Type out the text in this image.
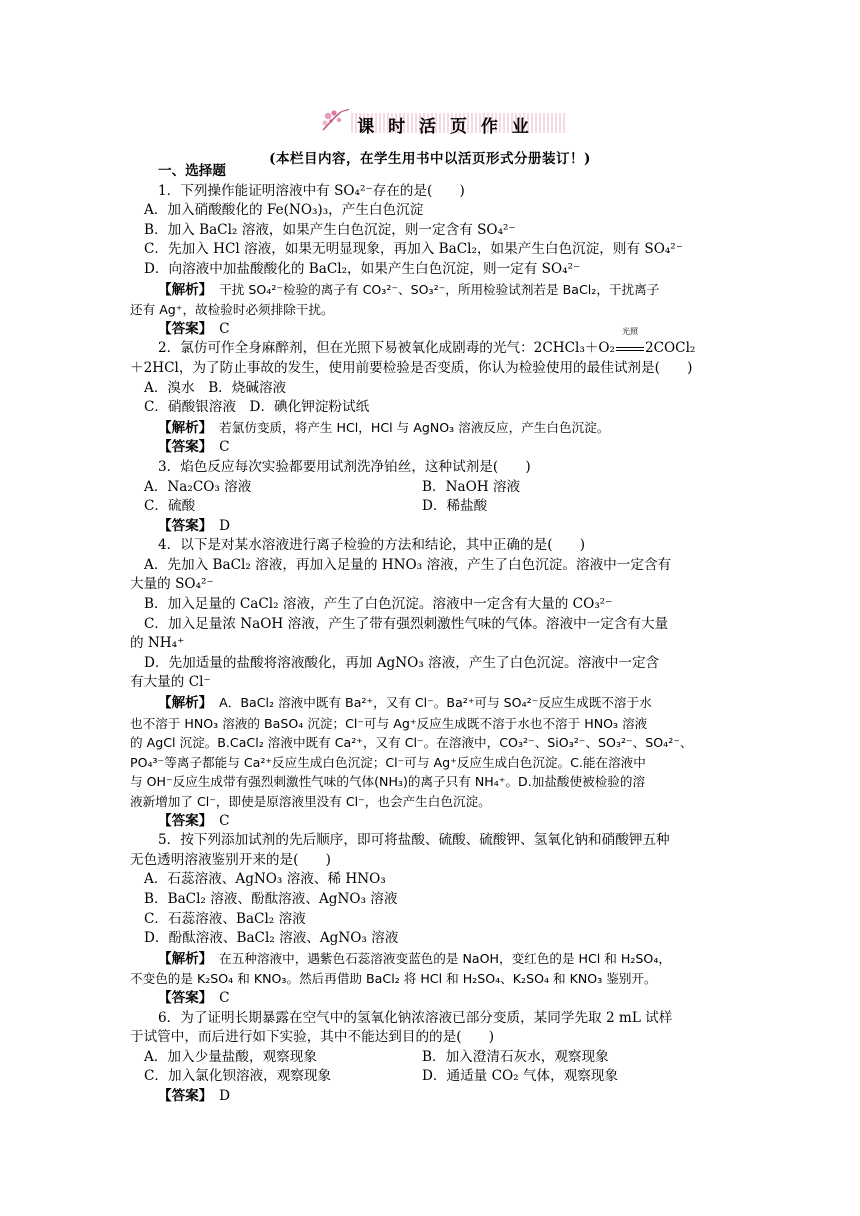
课 时 活 页 作 业
(本栏目内容，在学生用书中以活页形式分册装订！)
一、选择题
1．下列操作能证明溶液中有 SO₄²⁻存在的是(　　)
A．加入硝酸酸化的 Fe(NO₃)₃，产生白色沉淀
B．加入 BaCl₂ 溶液，如果产生白色沉淀，则一定含有 SO₄²⁻
C．先加入 HCl 溶液，如果无明显现象，再加入 BaCl₂，如果产生白色沉淀，则有 SO₄²⁻
D．向溶液中加盐酸酸化的 BaCl₂，如果产生白色沉淀，则一定有 SO₄²⁻
【解析】　 干扰 SO₄²⁻检验的离子有 CO₃²⁻、SO₃²⁻，所用检验试剂若是 BaCl₂，干扰离子
还有 Ag⁺，故检验时必须排除干扰。
【答案】　 C
2．氯仿可作全身麻醉剂，但在光照下易被氧化成剧毒的光气：2CHCl₃＋O₂
光照
2COCl₂
＋2HCl，为了防止事故的发生，使用前要检验是否变质，你认为检验使用的最佳试剂是(　　)
A．溴水　B．烧碱溶液
C．硝酸银溶液　D．碘化钾淀粉试纸
【解析】　 若氯仿变质，将产生 HCl，HCl 与 AgNO₃ 溶液反应，产生白色沉淀。
【答案】　 C
3．焰色反应每次实验都要用试剂洗净铂丝，这种试剂是(　　)
A．Na₂CO₃ 溶液	B．NaOH 溶液
C．硫酸	D．稀盐酸
【答案】　 D
4．以下是对某水溶液进行离子检验的方法和结论，其中正确的是(　　)
A．先加入 BaCl₂ 溶液，再加入足量的 HNO₃ 溶液，产生了白色沉淀。溶液中一定含有
大量的 SO₄²⁻
B．加入足量的 CaCl₂ 溶液，产生了白色沉淀。溶液中一定含有大量的 CO₃²⁻
C．加入足量浓 NaOH 溶液，产生了带有强烈刺激性气味的气体。溶液中一定含有大量
的 NH₄⁺
D．先加适量的盐酸将溶液酸化，再加 AgNO₃ 溶液，产生了白色沉淀。溶液中一定含
有大量的 Cl⁻
【解析】　 A．BaCl₂ 溶液中既有 Ba²⁺，又有 Cl⁻。Ba²⁺可与 SO₄²⁻反应生成既不溶于水
也不溶于 HNO₃ 溶液的 BaSO₄ 沉淀；Cl⁻可与 Ag⁺反应生成既不溶于水也不溶于 HNO₃ 溶液
的 AgCl 沉淀。B.CaCl₂ 溶液中既有 Ca²⁺，又有 Cl⁻。在溶液中，CO₃²⁻、SiO₃²⁻、SO₃²⁻、SO₄²⁻、
PO₄³⁻等离子都能与 Ca²⁺反应生成白色沉淀；Cl⁻可与 Ag⁺反应生成白色沉淀。C.能在溶液中
与 OH⁻反应生成带有强烈刺激性气味的气体(NH₃)的离子只有 NH₄⁺。D.加盐酸使被检验的溶
液新增加了 Cl⁻，即使是原溶液里没有 Cl⁻，也会产生白色沉淀。
【答案】　 C
5．按下列添加试剂的先后顺序，即可将盐酸、硫酸、硫酸钾、氢氧化钠和硝酸钾五种
无色透明溶液鉴别开来的是(　　)
A．石蕊溶液、AgNO₃ 溶液、稀 HNO₃
B．BaCl₂ 溶液、酚酞溶液、AgNO₃ 溶液
C．石蕊溶液、BaCl₂ 溶液
D．酚酞溶液、BaCl₂ 溶液、AgNO₃ 溶液
【解析】　 在五种溶液中，遇紫色石蕊溶液变蓝色的是 NaOH，变红色的是 HCl 和 H₂SO₄，
不变色的是 K₂SO₄ 和 KNO₃。然后再借助 BaCl₂ 将 HCl 和 H₂SO₄、K₂SO₄ 和 KNO₃ 鉴别开。
【答案】　 C
6．为了证明长期暴露在空气中的氢氧化钠浓溶液已部分变质，某同学先取 2 mL 试样
于试管中，而后进行如下实验，其中不能达到目的的是(　　)
A．加入少量盐酸，观察现象	B．加入澄清石灰水，观察现象
C．加入氯化钡溶液，观察现象	D．通适量 CO₂ 气体，观察现象
【答案】　 D
